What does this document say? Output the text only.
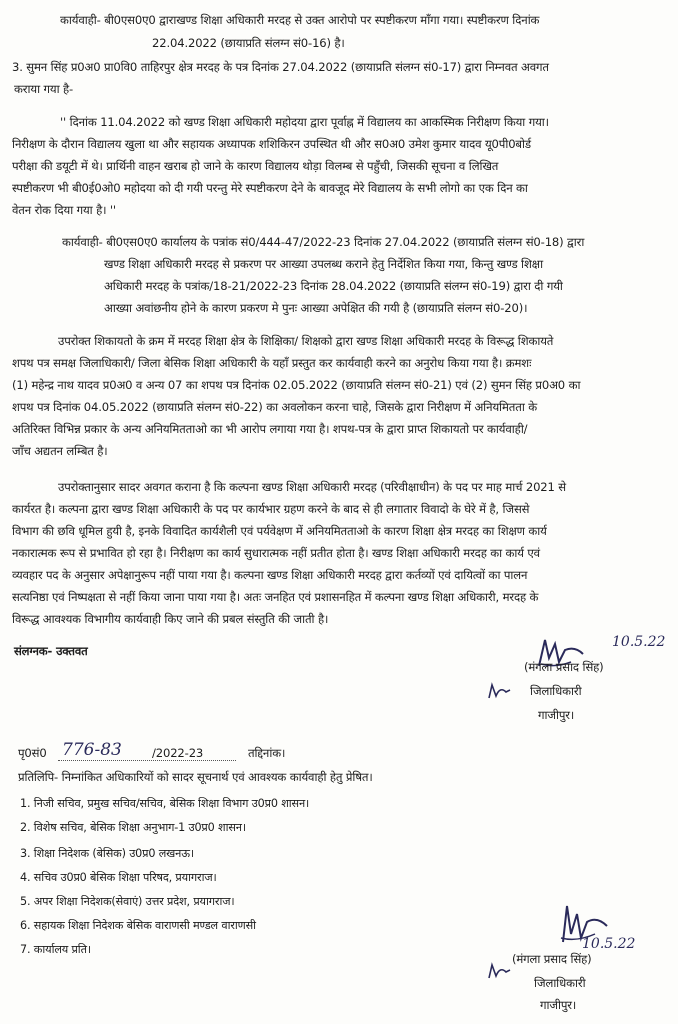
कार्यवाही- बी0एस0ए0 द्वाराखण्ड शिक्षा अधिकारी मरदह से उक्त आरोपो पर स्पष्टीकरण माँगा गया। स्पष्टीकरण दिनांक
22.04.2022 (छायाप्रति संलग्न सं0-16) है।
3. सुमन सिंह प्र0अ0 प्रा0वि0 ताहिरपुर क्षेत्र मरदह के पत्र दिनांक 27.04.2022 (छायाप्रति संलग्न सं0-17) द्वारा निम्नवत अवगत
कराया गया है-
'' दिनांक 11.04.2022 को खण्ड शिक्षा अधिकारी महोदया द्वारा पूर्वाह्न में विद्यालय का आकस्मिक निरीक्षण किया गया।
निरीक्षण के दौरान विद्यालय खुला था और सहायक अध्यापक शशिकिरन उपस्थित थी और स0अ0 उमेश कुमार यादव यू0पी0बोर्ड
परीक्षा की डयूटी में थे। प्रार्थिनी वाहन खराब हो जाने के कारण विद्यालय थोड़ा विलम्ब से पहुँची, जिसकी सूचना व लिखित
स्पष्टीकरण भी बी0ई0ओ0 महोदया को दी गयी परन्तु मेरे स्पष्टीकरण देने के बावजूद मेरे विद्यालय के सभी लोगो का एक दिन का
वेतन रोक दिया गया है। ''
कार्यवाही- बी0एस0ए0 कार्यालय के पत्रांक सं0/444-47/2022-23 दिनांक 27.04.2022 (छायाप्रति संलग्न सं0-18) द्वारा
खण्ड शिक्षा अधिकारी मरदह से प्रकरण पर आख्या उपलब्ध कराने हेतु निर्देशित किया गया, किन्तु खण्ड शिक्षा
अधिकारी मरदह के पत्रांक/18-21/2022-23 दिनांक 28.04.2022 (छायाप्रति संलग्न सं0-19) द्वारा दी गयी
आख्या अवांछनीय होने के कारण प्रकरण मे पुनः आख्या अपेक्षित की गयी है (छायाप्रति संलग्न सं0-20)।
उपरोक्त शिकायतो के क्रम में मरदह शिक्षा क्षेत्र के शिक्षिका/ शिक्षको द्वारा खण्ड शिक्षा अधिकारी मरदह के विरूद्ध शिकायते
शपथ पत्र समक्ष जिलाधिकारी/ जिला बेसिक शिक्षा अधिकारी के यहाँ प्रस्तुत कर कार्यवाही करने का अनुरोध किया गया है। क्रमशः
(1) महेन्द्र नाथ यादव प्र0अ0 व अन्य 07 का शपथ पत्र दिनांक 02.05.2022 (छायाप्रति संलग्न सं0-21) एवं (2) सुमन सिंह प्र0अ0 का
शपथ पत्र दिनांक 04.05.2022 (छायाप्रति संलग्न सं0-22) का अवलोकन करना चाहे, जिसके द्वारा निरीक्षण में अनियमितता के
अतिरिक्त विभिन्न प्रकार के अन्य अनियमितताओ का भी आरोप लगाया गया है। शपथ-पत्र के द्वारा प्राप्त शिकायतो पर कार्यवाही/
जाँच अद्यतन लम्बित है।
उपरोक्तानुसार सादर अवगत कराना है कि कल्पना खण्ड शिक्षा अधिकारी मरदह (परिवीक्षाधीन) के पद पर माह मार्च 2021 से
कार्यरत है। कल्पना द्वारा खण्ड शिक्षा अधिकारी के पद पर कार्यभार ग्रहण करने के बाद से ही लगातार विवादो के घेरे में है, जिससे
विभाग की छवि धूमिल हुयी है, इनके विवादित कार्यशैली एवं पर्यवेक्षण में अनियमितताओ के कारण शिक्षा क्षेत्र मरदह का शिक्षण कार्य
नकारात्मक रूप से प्रभावित हो रहा है। निरीक्षण का कार्य सुधारात्मक नहीं प्रतीत होता है। खण्ड शिक्षा अधिकारी मरदह का कार्य एवं
व्यवहार पद के अनुसार अपेक्षानुरूप नहीं पाया गया है। कल्पना खण्ड शिक्षा अधिकारी मरदह द्वारा कर्तव्यों एवं दायित्वों का पालन
सत्यनिष्ठा एवं निष्पक्षता से नहीं किया जाना पाया गया है। अतः जनहित एवं प्रशासनहित में कल्पना खण्ड शिक्षा अधिकारी, मरदह के
विरूद्ध आवश्यक विभागीय कार्यवाही किए जाने की प्रबल संस्तुति की जाती है।
संलग्नक- उक्तवत
10.5.22
(मंगला प्रसाद सिंह)
जिलाधिकारी
गाजीपुर।
पृ0सं0 776-83	/2022-23	तद्दिनांक।
प्रतिलिपि- निम्नांकित अधिकारियों को सादर सूचनार्थ एवं आवश्यक कार्यवाही हेतु प्रेषित।
1. निजी सचिव, प्रमुख सचिव/सचिव, बेसिक शिक्षा विभाग उ0प्र0 शासन।
2. विशेष सचिव, बेसिक शिक्षा अनुभाग-1 उ0प्र0 शासन।
3. शिक्षा निदेशक (बेसिक) उ0प्र0 लखनऊ।
4. सचिव उ0प्र0 बेसिक शिक्षा परिषद, प्रयागराज।
5. अपर शिक्षा निदेशक(सेवाएं) उत्तर प्रदेश, प्रयागराज।
6. सहायक शिक्षा निदेशक बेसिक वाराणसी मण्डल वाराणसी
7. कार्यालय प्रति।	10.5.22
(मंगला प्रसाद सिंह)
जिलाधिकारी
गाजीपुर।
